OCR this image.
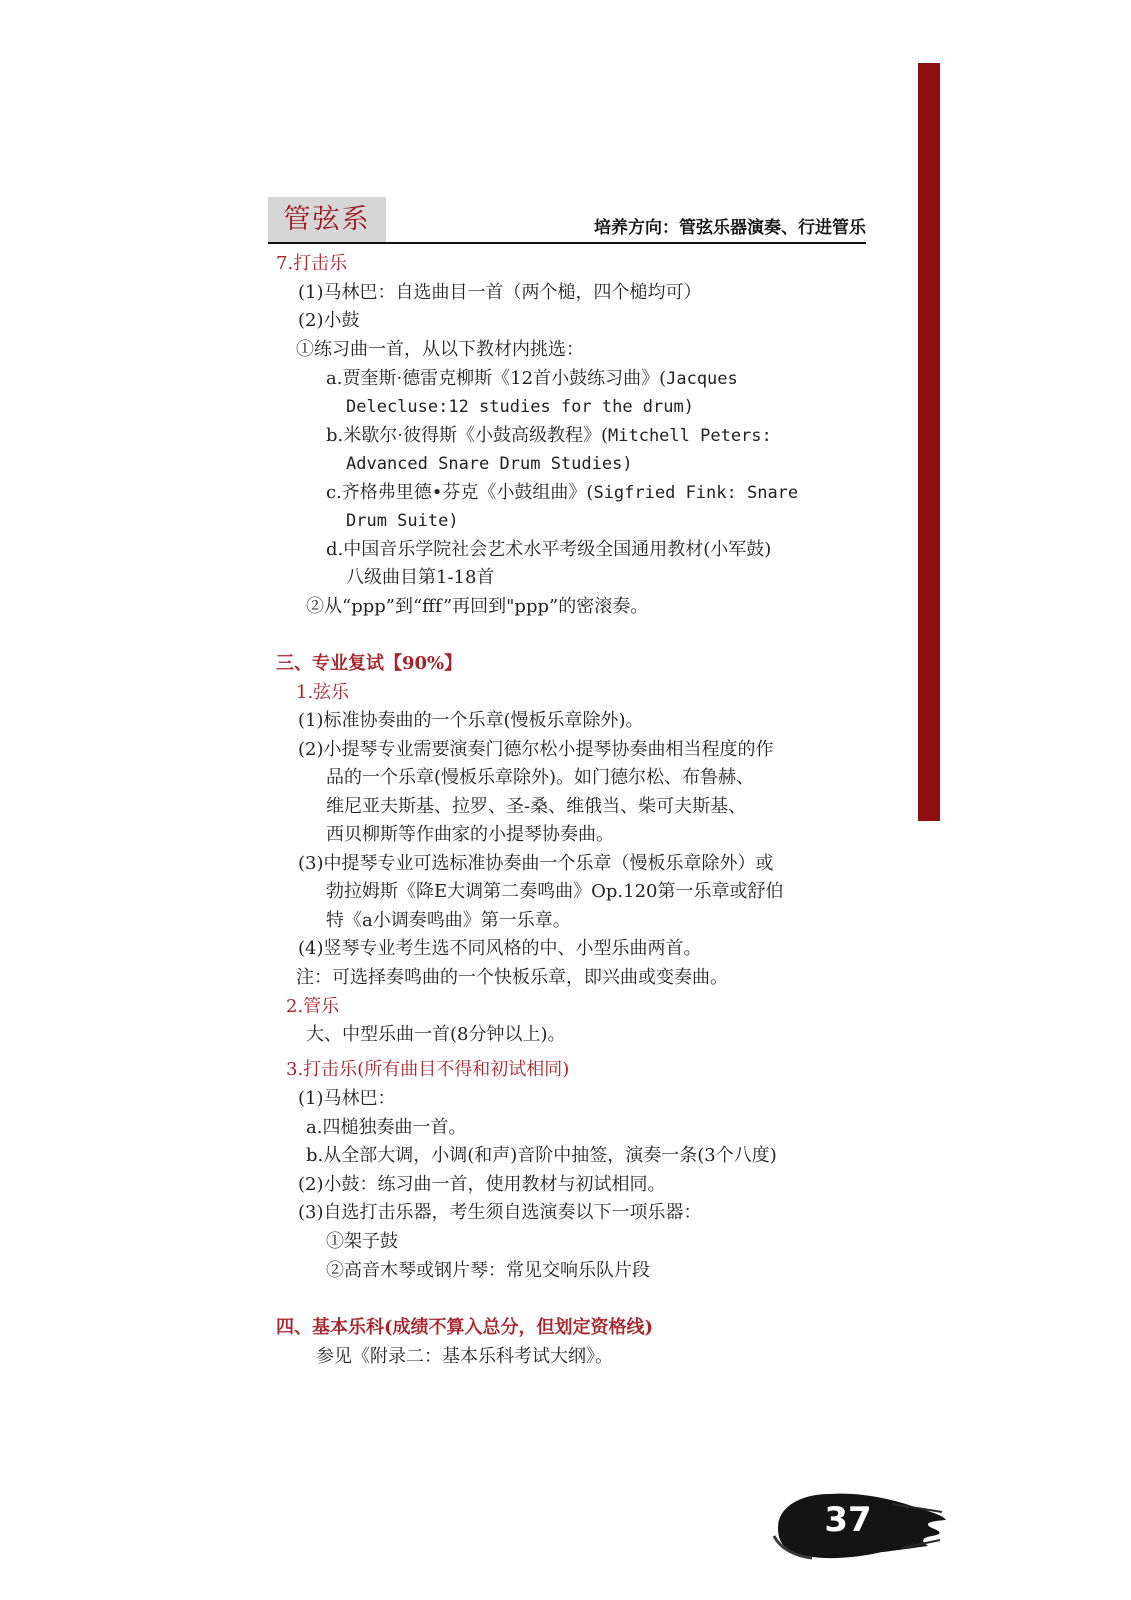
管弦系	培养方向：管弦乐器演奏、行进管乐
7.打击乐
(1)马林巴：自选曲目一首（两个槌，四个槌均可）
(2)小鼓
①练习曲一首，从以下教材内挑选：
a.贾奎斯·德雷克柳斯《12首小鼓练习曲》(Jacques
Delecluse:12 studies for the drum)
b.米歇尔·彼得斯《小鼓高级教程》(Mitchell Peters:
Advanced Snare Drum Studies)
c.齐格弗里德•芬克《小鼓组曲》(Sigfried Fink: Snare
Drum Suite)
d.中国音乐学院社会艺术水平考级全国通用教材(小军鼓)
八级曲目第1-18首
②从“ppp”到“fff”再回到"ppp”的密滚奏。
三、专业复试【90%】
1.弦乐
(1)标准协奏曲的一个乐章(慢板乐章除外)。
(2)小提琴专业需要演奏门德尔松小提琴协奏曲相当程度的作
品的一个乐章(慢板乐章除外)。如门德尔松、布鲁赫、
维尼亚夫斯基、拉罗、圣-桑、维俄当、柴可夫斯基、
西贝柳斯等作曲家的小提琴协奏曲。
(3)中提琴专业可选标准协奏曲一个乐章（慢板乐章除外）或
勃拉姆斯《降E大调第二奏鸣曲》Op.120第一乐章或舒伯
特《a小调奏鸣曲》第一乐章。
(4)竖琴专业考生选不同风格的中、小型乐曲两首。
注：可选择奏鸣曲的一个快板乐章，即兴曲或变奏曲。
2.管乐
大、中型乐曲一首(8分钟以上)。
3.打击乐(所有曲目不得和初试相同)
(1)马林巴：
a.四槌独奏曲一首。
b.从全部大调，小调(和声)音阶中抽签，演奏一条(3个八度)
(2)小鼓：练习曲一首，使用教材与初试相同。
(3)自选打击乐器，考生须自选演奏以下一项乐器：
①架子鼓
②高音木琴或钢片琴：常见交响乐队片段
四、基本乐科(成绩不算入总分，但划定资格线)
参见《附录二：基本乐科考试大纲》。
37
